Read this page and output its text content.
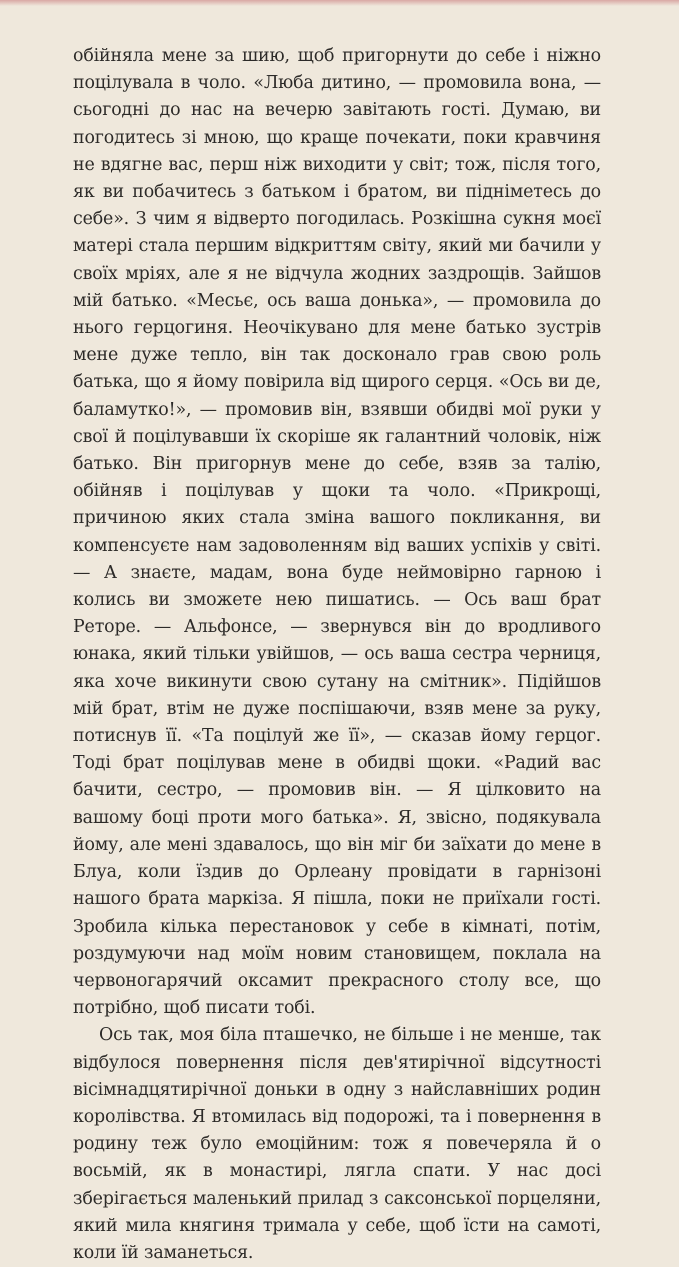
обійняла мене за шию, щоб пригорнути до себе і ніжно поцілувала в чоло. «Люба дитино, — промовила вона, — сьогодні до нас на вечерю завітають гості. Думаю, ви погодитесь зі мною, що краще почекати, поки кравчиня не вдягне вас, перш ніж виходити у світ; тож, після того, як ви побачитесь з батьком і братом, ви підніметесь до себе». З чим я відверто погодилась. Розкішна сукня моєї матері стала першим відкриттям світу, який ми бачили у своїх мріях, але я не відчула жодних заздрощів. Зайшов мій батько. «Месьє, ось ваша донька», — промовила до нього герцогиня. Неочікувано для мене батько зустрів мене дуже тепло, він так досконало грав свою роль батька, що я йому повірила від щирого серця. «Ось ви де, баламутко!», — промовив він, взявши обидві мої руки у свої й поцілувавши їх скоріше як галантний чоловік, ніж батько. Він пригорнув мене до себе, взяв за талію, обійняв і поцілував у щоки та чоло. «Прикрощі, причиною яких стала зміна вашого покликання, ви компенсуєте нам задоволенням від ваших успіхів у світі. — А знаєте, мадам, вона буде неймовірно гарною і колись ви зможете нею пишатись. — Ось ваш брат Реторе. — Альфонсе, — звернувся він до вродливого юнака, який тільки увійшов, — ось ваша сестра черниця, яка хоче викинути свою сутану на смітник». Підійшов мій брат, втім не дуже поспішаючи, взяв мене за руку, потиснув її. «Та поцілуй же її», — сказав йому герцог. Тоді брат поцілував мене в обидві щоки. «Радий вас бачити, сестро, — промовив він. — Я цілковито на вашому боці проти мого батька». Я, звісно, подякувала йому, але мені здавалось, що він міг би заїхати до мене в Блуа, коли їздив до Орлеану провідати в гарнізоні нашого брата маркіза. Я пішла, поки не приїхали гості. Зробила кілька перестановок у себе в кімнаті, потім, роздумуючи над моїм новим становищем, поклала на червоногарячий оксамит прекрасного столу все, що потрібно, щоб писати тобі.

Ось так, моя біла пташечко, не більше і не менше, так відбулося повернення після дев'ятирічної відсутності вісімнадцятирічної доньки в одну з найславніших родин королівства. Я втомилась від подорожі, та і повернення в родину теж було емоційним: тож я повечеряла й о восьмій, як в монастирі, лягла спати. У нас досі зберігається маленький прилад з саксонської порцеляни, який мила княгиня тримала у себе, щоб їсти на самоті, коли їй заманеться.
